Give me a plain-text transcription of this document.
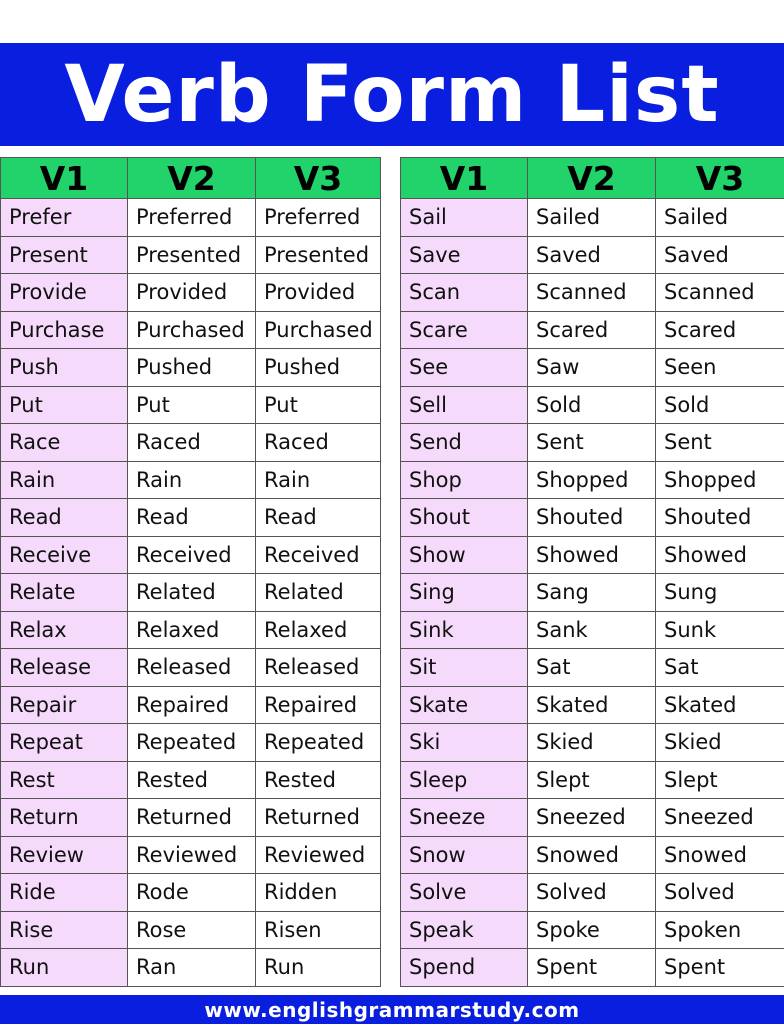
Verb Form List
V1	V2	V3
Prefer	Preferred	Preferred
Present	Presented	Presented
Provide	Provided	Provided
Purchase	Purchased	Purchased
Push	Pushed	Pushed
Put	Put	Put
Race	Raced	Raced
Rain	Rain	Rain
Read	Read	Read
Receive	Received	Received
Relate	Related	Related
Relax	Relaxed	Relaxed
Release	Released	Released
Repair	Repaired	Repaired
Repeat	Repeated	Repeated
Rest	Rested	Rested
Return	Returned	Returned
Review	Reviewed	Reviewed
Ride	Rode	Ridden
Rise	Rose	Risen
Run	Ran	Run
V1	V2	V3
Sail	Sailed	Sailed
Save	Saved	Saved
Scan	Scanned	Scanned
Scare	Scared	Scared
See	Saw	Seen
Sell	Sold	Sold
Send	Sent	Sent
Shop	Shopped	Shopped
Shout	Shouted	Shouted
Show	Showed	Showed
Sing	Sang	Sung
Sink	Sank	Sunk
Sit	Sat	Sat
Skate	Skated	Skated
Ski	Skied	Skied
Sleep	Slept	Slept
Sneeze	Sneezed	Sneezed
Snow	Snowed	Snowed
Solve	Solved	Solved
Speak	Spoke	Spoken
Spend	Spent	Spent
www.englishgrammarstudy.com
